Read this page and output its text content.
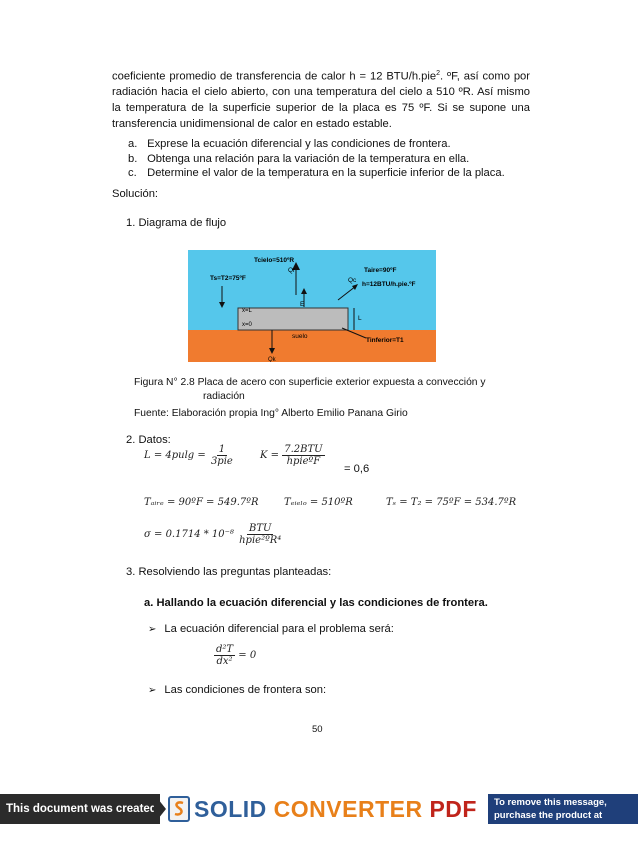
coeficiente promedio de transferencia de calor h = 12 BTU/h.pie$^2$. ºF, así como por radiación hacia el cielo abierto, con una temperatura del cielo a 510 ºR. Así mismo la temperatura de la superficie superior de la placa es 75 ºF. Si se supone una transferencia unidimensional de calor en estado estable.
a. Exprese la ecuación diferencial y las condiciones de frontera.
b. Obtenga una relación para la variación de la temperatura en ella.
c. Determine el valor de la temperatura en la superficie inferior de la placa.
Solución:
1. Diagrama de flujo
Tcielo=510ºR
Qr	Taire=90ºF
Ts=T2=75ºF	Qc
h=12BTU/h.pie.ºF
E
x=L
x=0
L
suelo
Tinferior=T1
Qk
Figura N° 2.8 Placa de acero con superficie exterior expuesta a convección y
radiación
Fuente: Elaboración propia Ing° Alberto Emilio Panana Girio
2. Datos:
$L = 4pulg = \frac{1}{\text{3pie}}$	$K = \frac{\text{7.2BTU}}{\text{hpieºF}}$
= 0,6
Tₐᵢᵣₑ = 90ºF = 549.7ºR	Tₑᵢₑₗₒ = 510ºR	Tₛ = T₂ = 75ºF = 534.7ºR
$\sigma = 0.1714 * 10^{-8} \frac{\text{BTU}}{\text{hpie²ºR⁴}}$
3. Resolviendo las preguntas planteadas:
a. Hallando la ecuación diferencial y las condiciones de frontera.
➢ La ecuación diferencial para el problema será:
$\frac{\text{d²T}}{\text{dx²}} = 0$
➢ Las condiciones de frontera son:
50
This document was created using
SOLID CONVERTER PDF	To remove this message, purchase the product at www.SolidDocuments.com
